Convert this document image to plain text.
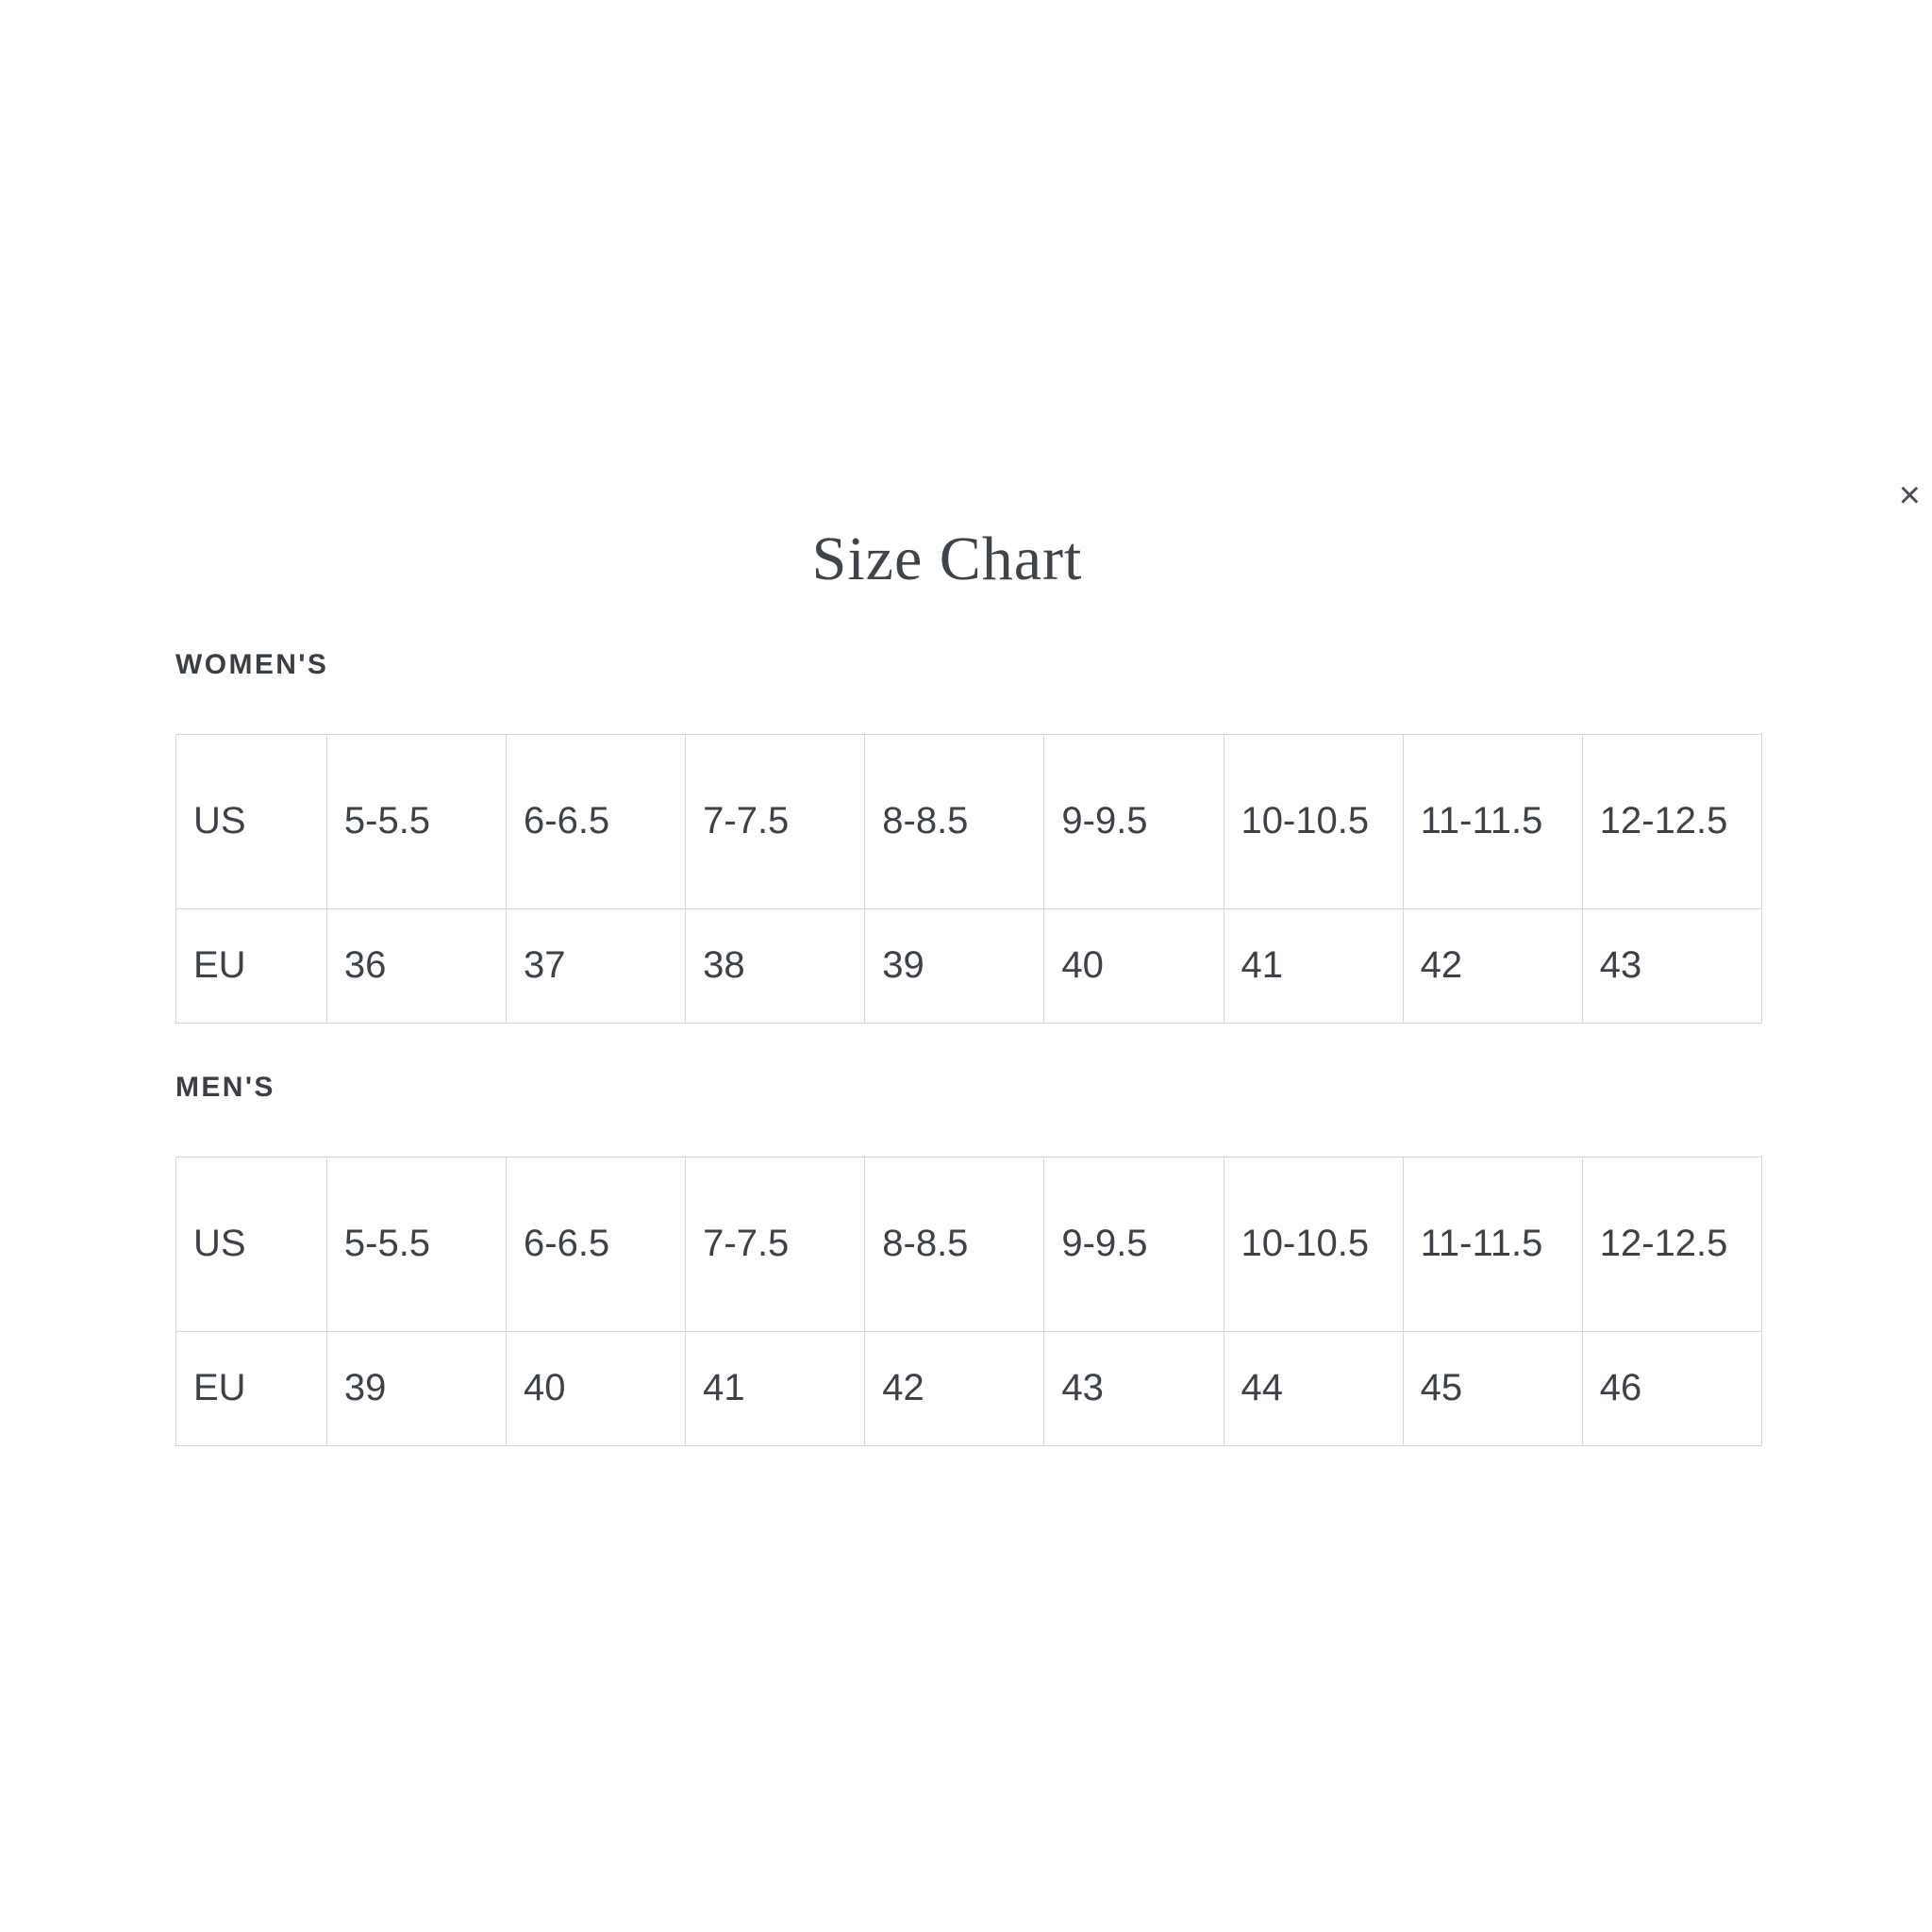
Size Chart
×
WOMEN'S
US	5-5.5	6-6.5	7-7.5	8-8.5	9-9.5	10-10.5	11-11.5	12-12.5
EU	36	37	38	39	40	41	42	43
MEN'S
US	5-5.5	6-6.5	7-7.5	8-8.5	9-9.5	10-10.5	11-11.5	12-12.5
EU	39	40	41	42	43	44	45	46
